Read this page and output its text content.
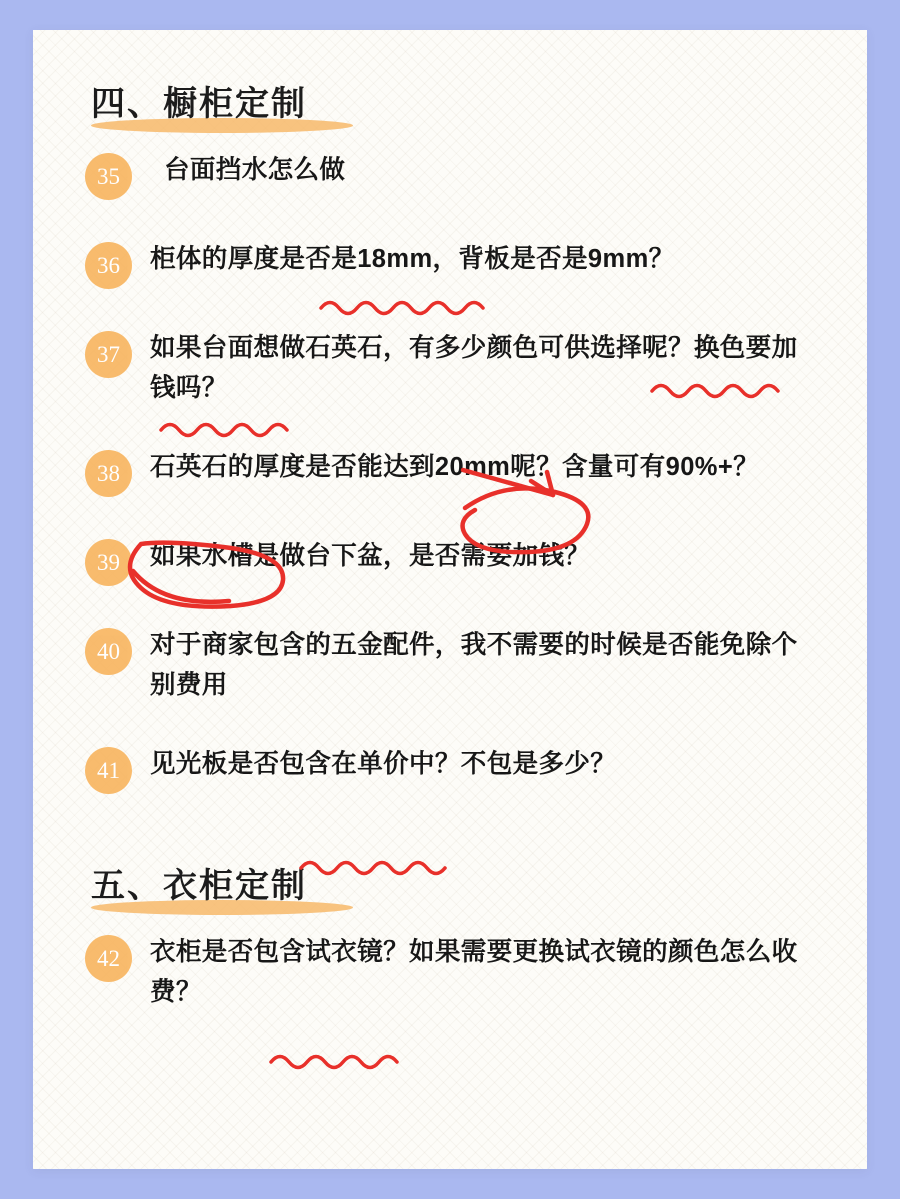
四、橱柜定制
35	台面挡水怎么做
36	柜体的厚度是否是18mm，背板是否是9mm？
37	如果台面想做石英石，有多少颜色可供选择呢？换色要加钱吗？
38	石英石的厚度是否能达到20mm呢？含量可有90%+？
39	如果水槽是做台下盆，是否需要加钱？
40	对于商家包含的五金配件，我不需要的时候是否能免除个别费用
41	见光板是否包含在单价中？不包是多少？
五、衣柜定制
42	衣柜是否包含试衣镜？如果需要更换试衣镜的颜色怎么收费？
